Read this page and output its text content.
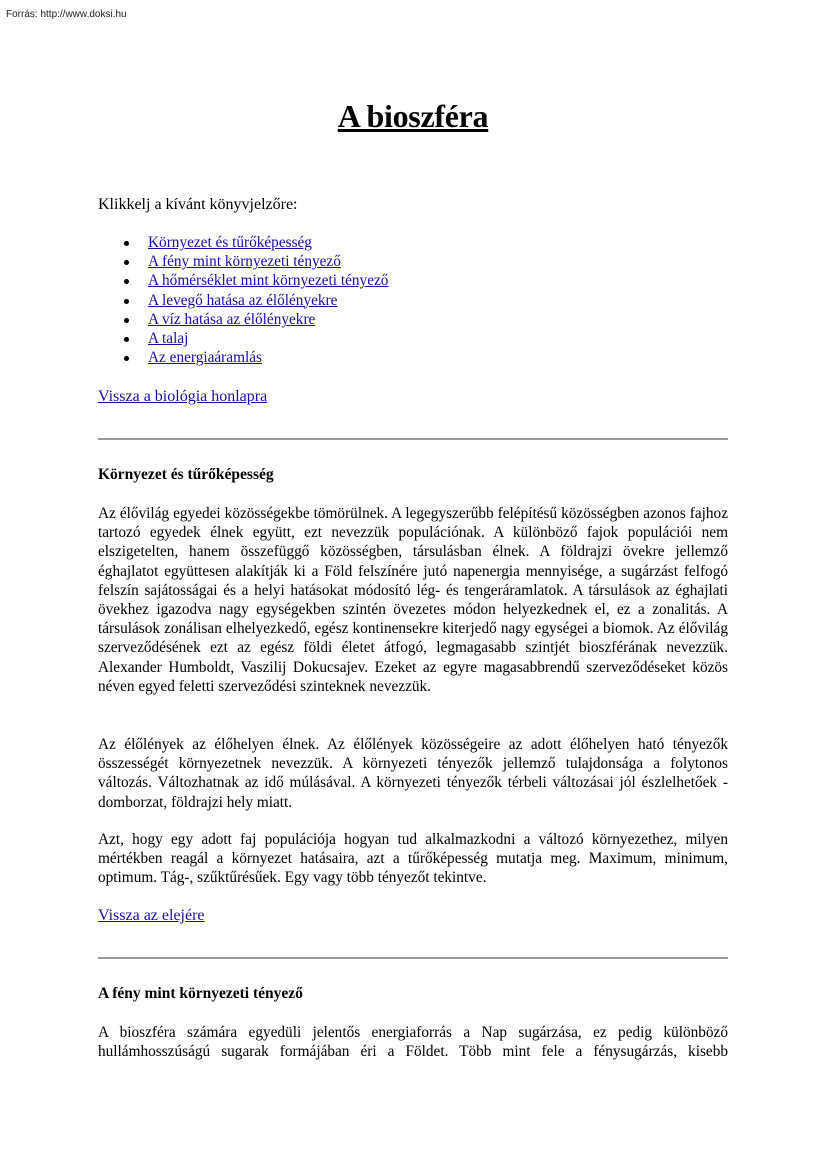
Forrás: http://www.doksi.hu
A bioszféra

Klikkelj a kívánt könyvjelzőre:

Környezet és tűrőképesség
A fény mint környezeti tényező
A hőmérséklet mint környezeti tényező
A levegő hatása az élőlényekre
A víz hatása az élőlényekre
A talaj
Az energiaáramlás

Vissza a biológia honlapra

Környezet és tűrőképesség

Az élővilág egyedei közösségekbe tömörülnek. A legegyszerűbb felépítésű közösségben azonos fajhoz tartozó egyedek élnek együtt, ezt nevezzük populációnak. A különböző fajok populációi nem elszigetelten, hanem összefüggő közösségben, társulásban élnek. A földrajzi övekre jellemző éghajlatot együttesen alakítják ki a Föld felszínére jutó napenergia mennyisége, a sugárzást felfogó felszín sajátosságai és a helyi hatásokat módosító lég- és tengeráramlatok. A társulások az éghajlati övekhez igazodva nagy egységekben szintén övezetes módon helyezkednek el, ez a zonalitás. A társulások zonálisan elhelyezkedő, egész kontinensekre kiterjedő nagy egységei a biomok. Az élővilág szerveződésének ezt az egész földi életet átfogó, legmagasabb szintjét bioszférának nevezzük. Alexander Humboldt, Vaszilij Dokucsajev. Ezeket az egyre magasabbrendű szerveződéseket közös néven egyed feletti szerveződési szinteknek nevezzük.

Az élőlények az élőhelyen élnek. Az élőlények közösségeire az adott élőhelyen ható tényezők összességét környezetnek nevezzük. A környezeti tényezők jellemző tulajdonsága a folytonos változás. Változhatnak az idő múlásával. A környezeti tényezők térbeli változásai jól észlelhetőek - domborzat, földrajzi hely miatt.

Azt, hogy egy adott faj populációja hogyan tud alkalmazkodni a változó környezethez, milyen mértékben reagál a környezet hatásaira, azt a tűrőképesség mutatja meg. Maximum, minimum, optimum. Tág-, szűktűrésűek. Egy vagy több tényezőt tekintve.

Vissza az elejére

A fény mint környezeti tényező

A bioszféra számára egyedüli jelentős energiaforrás a Nap sugárzása, ez pedig különböző hullámhosszúságú sugarak formájában éri a Földet. Több mint fele a fénysugárzás, kisebb
